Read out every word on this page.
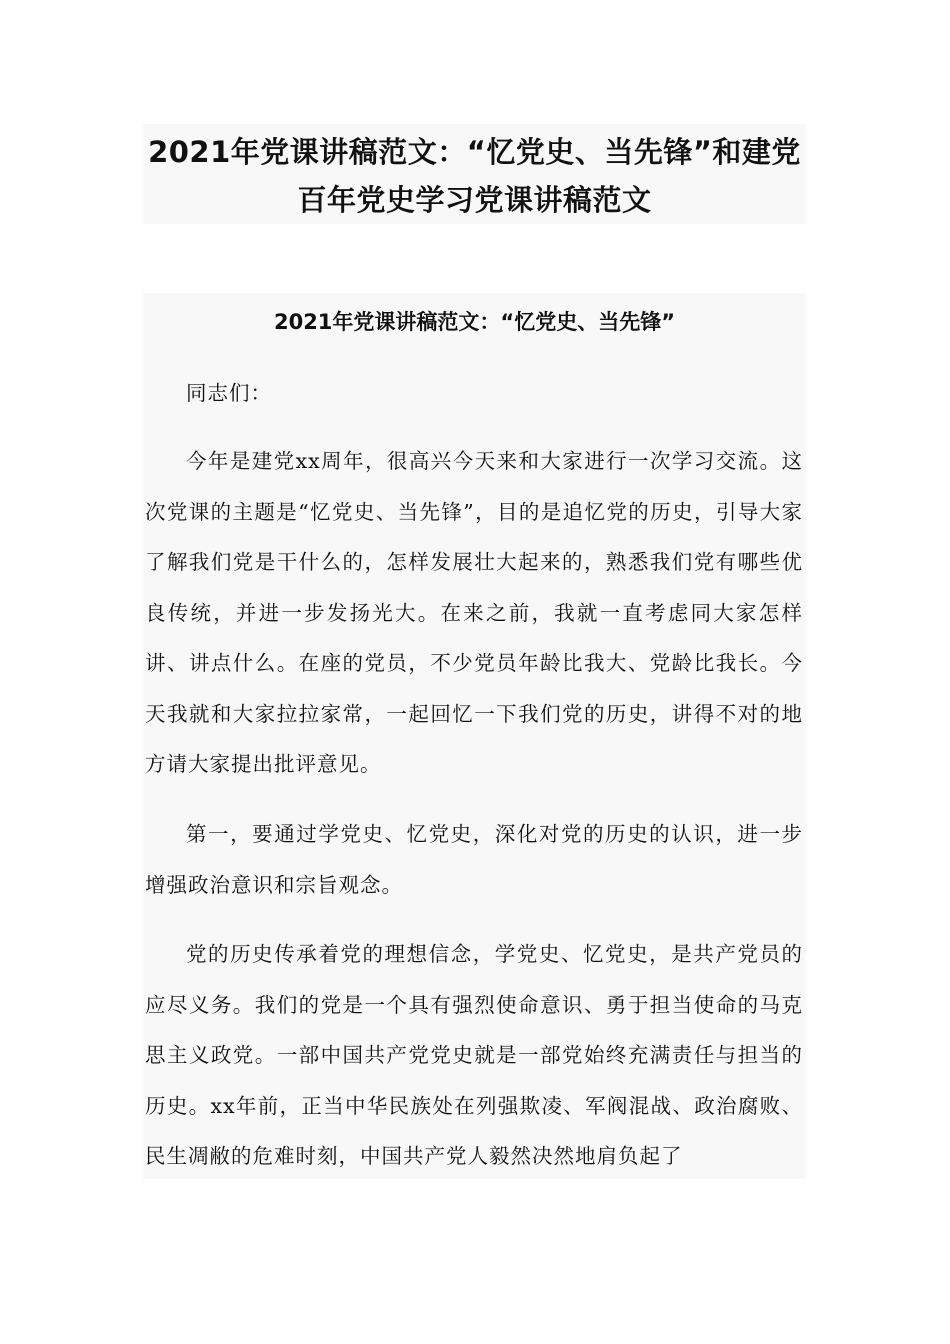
2021年党课讲稿范文：“忆党史、当先锋”和建党
百年党史学习党课讲稿范文
2021年党课讲稿范文：“忆党史、当先锋”

同志们：

今年是建党xx周年，很高兴今天来和大家进行一次学习交流。这次党课的主题是“忆党史、当先锋”，目的是追忆党的历史，引导大家了解我们党是干什么的，怎样发展壮大起来的，熟悉我们党有哪些优良传统，并进一步发扬光大。在来之前，我就一直考虑同大家怎样讲、讲点什么。在座的党员，不少党员年龄比我大、党龄比我长。今天我就和大家拉拉家常，一起回忆一下我们党的历史，讲得不对的地方请大家提出批评意见。

第一，要通过学党史、忆党史，深化对党的历史的认识，进一步增强政治意识和宗旨观念。

党的历史传承着党的理想信念，学党史、忆党史，是共产党员的应尽义务。我们的党是一个具有强烈使命意识、勇于担当使命的马克思主义政党。一部中国共产党党史就是一部党始终充满责任与担当的历史。xx年前，正当中华民族处在列强欺凌、军阀混战、政治腐败、民生凋敝的危难时刻，中国共产党人毅然决然地肩负起了
